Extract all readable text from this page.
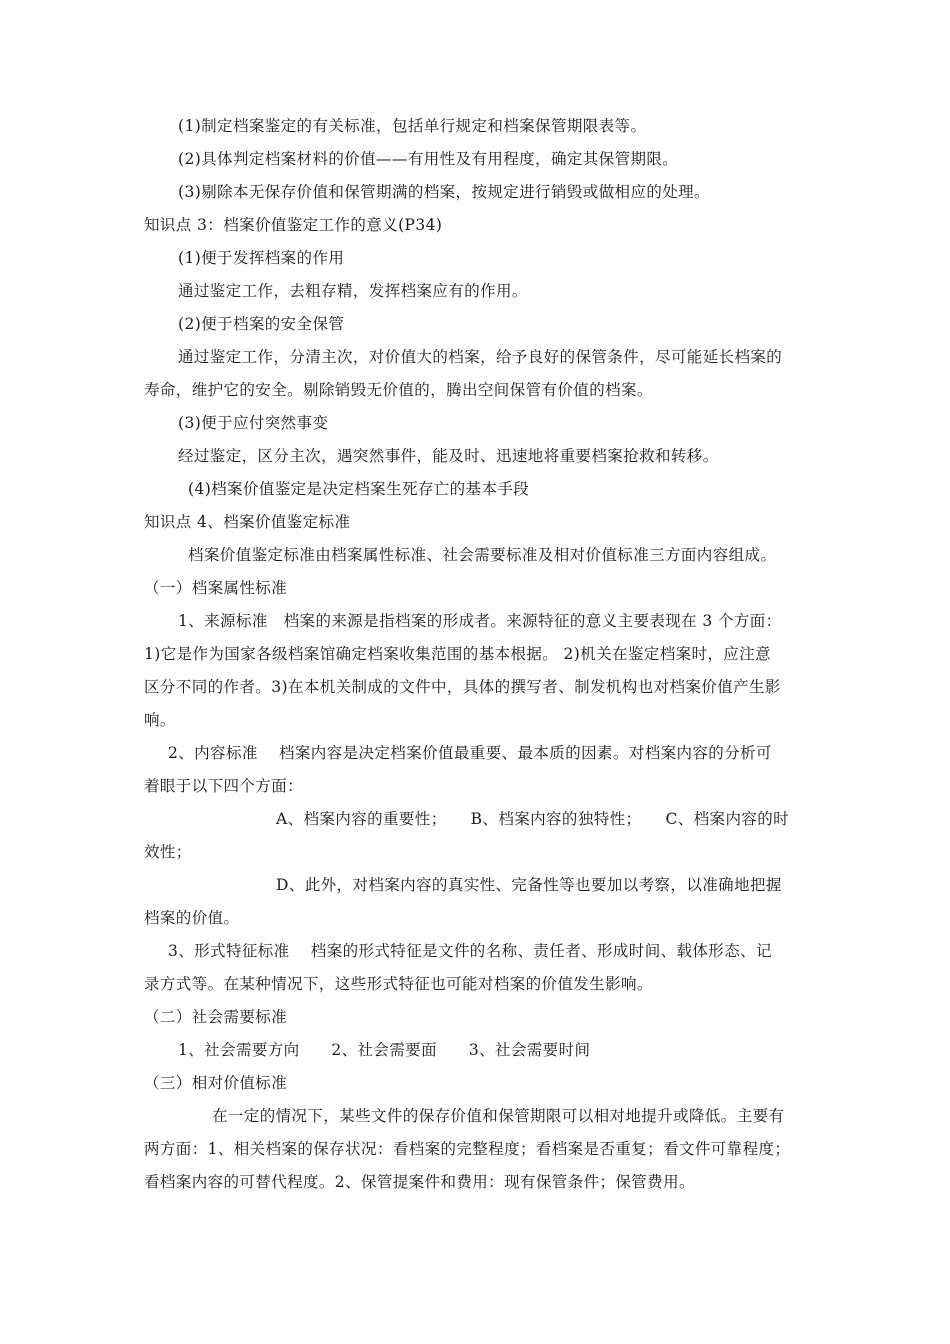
(1)制定档案鉴定的有关标准，包括单行规定和档案保管期限表等。
(2)具体判定档案材料的价值——有用性及有用程度，确定其保管期限。
(3)剔除本无保存价值和保管期满的档案，按规定进行销毁或做相应的处理。
知识点 3：档案价值鉴定工作的意义(P34)
(1)便于发挥档案的作用
通过鉴定工作，去粗存精，发挥档案应有的作用。
(2)便于档案的安全保管
通过鉴定工作，分清主次，对价值大的档案，给予良好的保管条件，尽可能延长档案的
寿命，维护它的安全。剔除销毁无价值的，腾出空间保管有价值的档案。
(3)便于应付突然事变
经过鉴定，区分主次，遇突然事件，能及时、迅速地将重要档案抢救和转移。
(4)档案价值鉴定是决定档案生死存亡的基本手段
知识点 4、档案价值鉴定标准
档案价值鉴定标准由档案属性标准、社会需要标准及相对价值标准三方面内容组成。
（一）档案属性标准
1、来源标准　档案的来源是指档案的形成者。来源特征的意义主要表现在 3 个方面：
1)它是作为国家各级档案馆确定档案收集范围的基本根据。 2)机关在鉴定档案时，应注意
区分不同的作者。3)在本机关制成的文件中，具体的撰写者、制发机构也对档案价值产生影
响。
2、内容标准　 档案内容是决定档案价值最重要、最本质的因素。对档案内容的分析可
着眼于以下四个方面：
A、档案内容的重要性；　　B、档案内容的独特性；　　C、档案内容的时
效性；
D、此外，对档案内容的真实性、完备性等也要加以考察，以准确地把握
档案的价值。
3、形式特征标准　 档案的形式特征是文件的名称、责任者、形成时间、载体形态、记
录方式等。在某种情况下，这些形式特征也可能对档案的价值发生影响。
（二）社会需要标准
1、社会需要方向　　2、社会需要面　　3、社会需要时间
（三）相对价值标准
在一定的情况下，某些文件的保存价值和保管期限可以相对地提升或降低。主要有
两方面：1、相关档案的保存状况：看档案的完整程度；看档案是否重复；看文件可靠程度；
看档案内容的可替代程度。2、保管提案件和费用：现有保管条件；保管费用。
